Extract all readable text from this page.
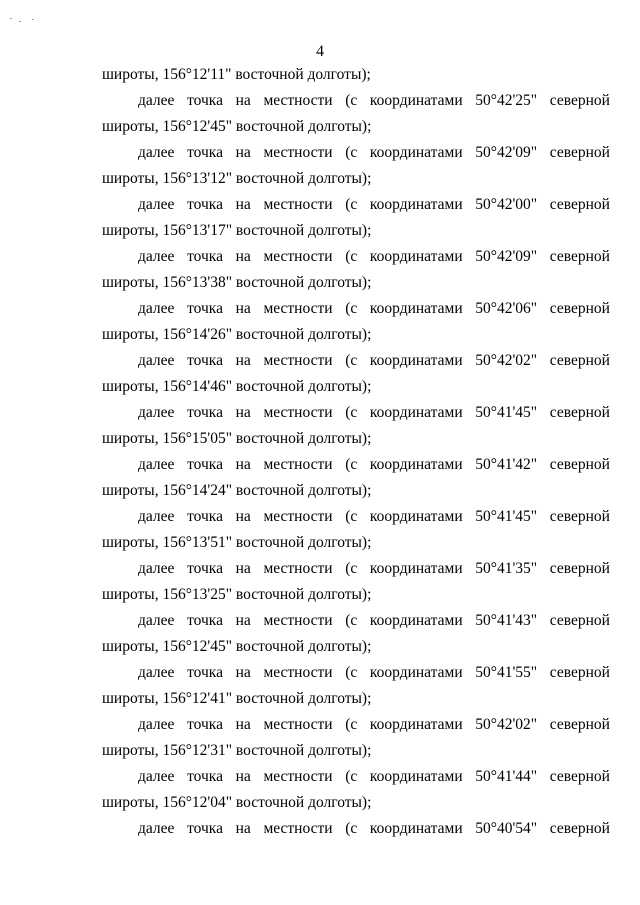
4
широты, 156°12'11" восточной долготы);
далее точка на местности (с координатами 50°42'25" северной
широты, 156°12'45" восточной долготы);
далее точка на местности (с координатами 50°42'09" северной
широты, 156°13'12" восточной долготы);
далее точка на местности (с координатами 50°42'00" северной
широты, 156°13'17" восточной долготы);
далее точка на местности (с координатами 50°42'09" северной
широты, 156°13'38" восточной долготы);
далее точка на местности (с координатами 50°42'06" северной
широты, 156°14'26" восточной долготы);
далее точка на местности (с координатами 50°42'02" северной
широты, 156°14'46" восточной долготы);
далее точка на местности (с координатами 50°41'45" северной
широты, 156°15'05" восточной долготы);
далее точка на местности (с координатами 50°41'42" северной
широты, 156°14'24" восточной долготы);
далее точка на местности (с координатами 50°41'45" северной
широты, 156°13'51" восточной долготы);
далее точка на местности (с координатами 50°41'35" северной
широты, 156°13'25" восточной долготы);
далее точка на местности (с координатами 50°41'43" северной
широты, 156°12'45" восточной долготы);
далее точка на местности (с координатами 50°41'55" северной
широты, 156°12'41" восточной долготы);
далее точка на местности (с координатами 50°42'02" северной
широты, 156°12'31" восточной долготы);
далее точка на местности (с координатами 50°41'44" северной
широты, 156°12'04" восточной долготы);
далее точка на местности (с координатами 50°40'54" северной
